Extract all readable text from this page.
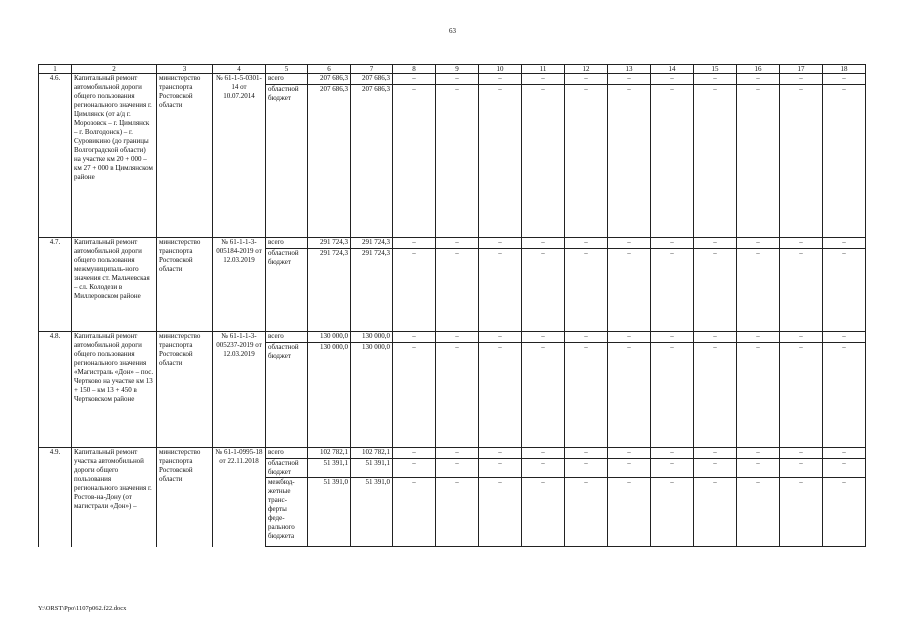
63
1	2	3	4	5	6	7	8	9	10	11	12	13	14	15	16	17	18
4.6.	Капитальный ремонт автомобильной дороги общего пользования регионального значения г. Цимлянск (от а/д г. Морозовск – г. Цимлянск – г. Волгодонск) – г. Суровикино (до границы Волгоградской области) на участке км 20 + 000 – км 27 + 000 в Цимлянском районе	министерство транспорта Ростовской области	№ 61-1-5-0301-14 от 10.07.2014	всего	207 686,3	207 686,3	–	–	–	–	–	–	–	–	–	–	–
				областной бюджет	207 686,3	207 686,3	–	–	–	–	–	–	–	–	–	–	–
4.7.	Капитальный ремонт автомобильной дороги общего пользования межмуниципаль-ного значения ст. Мальчевская – сл. Колодези в Миллеровском районе	министерство транспорта Ростовской области	№ 61-1-1-3-005184-2019 от 12.03.2019	всего	291 724,3	291 724,3	–	–	–	–	–	–	–	–	–	–	–
				областной бюджет	291 724,3	291 724,3	–	–	–	–	–	–	–	–	–	–	–
4.8.	Капитальный ремонт автомобильной дороги общего пользования регионального значения «Магистраль «Дон» – пос. Чертково на участке км 13 + 150 – км 13 + 450 в Чертковском районе	министерство транспорта Ростовской области	№ 61-1-1-3-005237-2019 от 12.03.2019	всего	130 000,0	130 000,0	–	–	–	–	–	–	–	–	–	–	–
				областной бюджет	130 000,0	130 000,0	–	–	–	–	–	–	–	–	–	–	–
4.9.	Капитальный ремонт участка автомобильной дороги общего пользования регионального значения г. Ростов-на-Дону (от магистрали «Дон») –	министерство транспорта Ростовской области	№ 61-1-0995-18 от 22.11.2018	всего	102 782,1	102 782,1	–	–	–	–	–	–	–	–	–	–	–
				областной бюджет	51 391,1	51 391,1	–	–	–	–	–	–	–	–	–	–	–
				межбюд-жетные транс-ферты феде-рального бюджета	51 391,0	51 391,0	–	–	–	–	–	–	–	–	–	–	–
Y:\ORST\Ppo\1107p062.f22.docx
